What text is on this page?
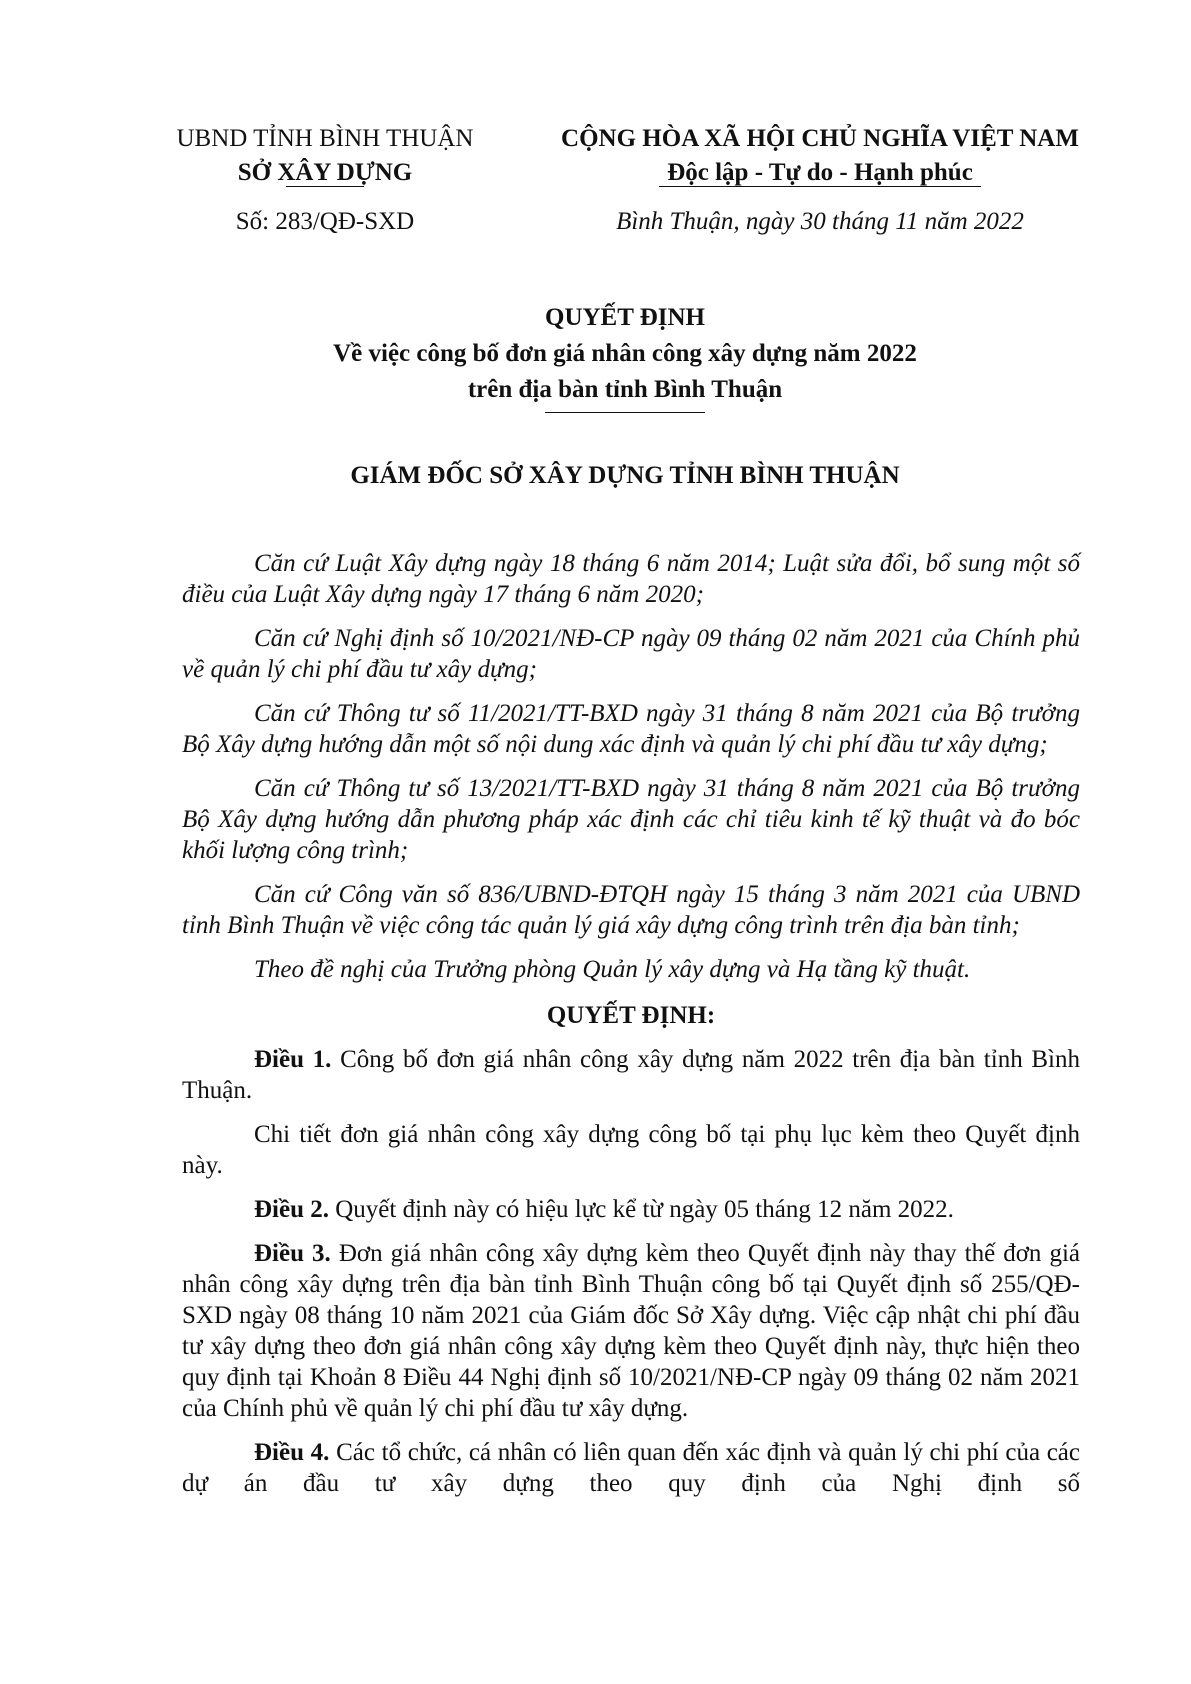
UBND TỈNH BÌNH THUẬN
SỞ XÂY DỰNG
CỘNG HÒA XÃ HỘI CHỦ NGHĨA VIỆT NAM
Độc lập - Tự do - Hạnh phúc
Số: 283/QĐ-SXD	Bình Thuận, ngày 30 tháng 11 năm 2022
QUYẾT ĐỊNH
Về việc công bố đơn giá nhân công xây dựng năm 2022
trên địa bàn tỉnh Bình Thuận
GIÁM ĐỐC SỞ XÂY DỰNG TỈNH BÌNH THUẬN

Căn cứ Luật Xây dựng ngày 18 tháng 6 năm 2014; Luật sửa đổi, bổ sung một số điều của Luật Xây dựng ngày 17 tháng 6 năm 2020;

Căn cứ Nghị định số 10/2021/NĐ-CP ngày 09 tháng 02 năm 2021 của Chính phủ về quản lý chi phí đầu tư xây dựng;

Căn cứ Thông tư số 11/2021/TT-BXD ngày 31 tháng 8 năm 2021 của Bộ trưởng Bộ Xây dựng hướng dẫn một số nội dung xác định và quản lý chi phí đầu tư xây dựng;

Căn cứ Thông tư số 13/2021/TT-BXD ngày 31 tháng 8 năm 2021 của Bộ trưởng Bộ Xây dựng hướng dẫn phương pháp xác định các chỉ tiêu kinh tế kỹ thuật và đo bóc khối lượng công trình;

Căn cứ Công văn số 836/UBND-ĐTQH ngày 15 tháng 3 năm 2021 của UBND tỉnh Bình Thuận về việc công tác quản lý giá xây dựng công trình trên địa bàn tỉnh;

Theo đề nghị của Trưởng phòng Quản lý xây dựng và Hạ tầng kỹ thuật.

QUYẾT ĐỊNH:

Điều 1. Công bố đơn giá nhân công xây dựng năm 2022 trên địa bàn tỉnh Bình Thuận.

Chi tiết đơn giá nhân công xây dựng công bố tại phụ lục kèm theo Quyết định này.

Điều 2. Quyết định này có hiệu lực kể từ ngày 05 tháng 12 năm 2022.

Điều 3. Đơn giá nhân công xây dựng kèm theo Quyết định này thay thế đơn giá nhân công xây dựng trên địa bàn tỉnh Bình Thuận công bố tại Quyết định số 255/QĐ-SXD ngày 08 tháng 10 năm 2021 của Giám đốc Sở Xây dựng. Việc cập nhật chi phí đầu tư xây dựng theo đơn giá nhân công xây dựng kèm theo Quyết định này, thực hiện theo quy định tại Khoản 8 Điều 44 Nghị định số 10/2021/NĐ-CP ngày 09 tháng 02 năm 2021 của Chính phủ về quản lý chi phí đầu tư xây dựng.

Điều 4. Các tổ chức, cá nhân có liên quan đến xác định và quản lý chi phí của các dự án đầu tư xây dựng theo quy định của Nghị định số
